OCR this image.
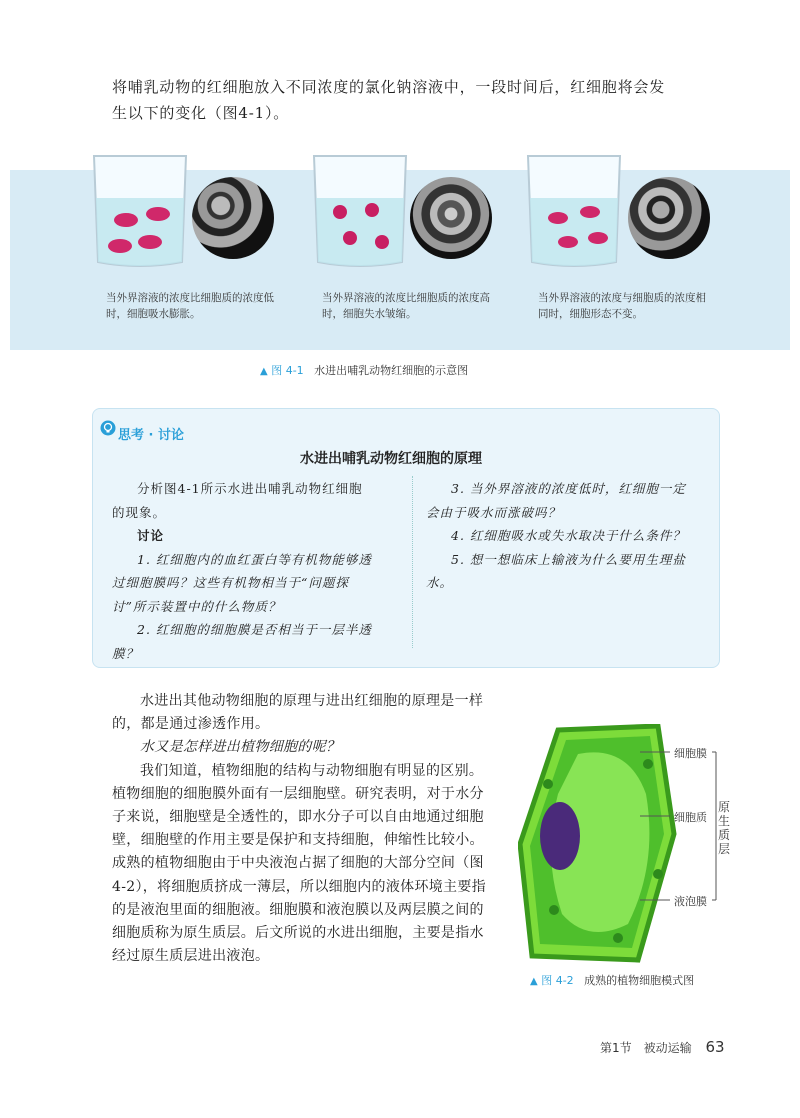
将哺乳动物的红细胞放入不同浓度的氯化钠溶液中，一段时间后，红细胞将会发生以下的变化（图4-1）。
当外界溶液的浓度比细胞质的浓度低时，细胞吸水膨胀。
当外界溶液的浓度比细胞质的浓度高时，细胞失水皱缩。
当外界溶液的浓度与细胞质的浓度相同时，细胞形态不变。
▲ 图 4-1 水进出哺乳动物红细胞的示意图
思考 · 讨论
水进出哺乳动物红细胞的原理

分析图4-1所示水进出哺乳动物红细胞的现象。

讨论

1. 红细胞内的血红蛋白等有机物能够透过细胞膜吗？这些有机物相当于“问题探讨”所示装置中的什么物质？

2. 红细胞的细胞膜是否相当于一层半透膜？

3. 当外界溶液的浓度低时，红细胞一定会由于吸水而涨破吗？

4. 红细胞吸水或失水取决于什么条件？

5. 想一想临床上输液为什么要用生理盐水。

水进出其他动物细胞的原理与进出红细胞的原理是一样的，都是通过渗透作用。

水又是怎样进出植物细胞的呢？

我们知道，植物细胞的结构与动物细胞有明显的区别。植物细胞的细胞膜外面有一层细胞壁。研究表明，对于水分子来说，细胞壁是全透性的，即水分子可以自由地通过细胞壁，细胞壁的作用主要是保护和支持细胞，伸缩性比较小。成熟的植物细胞由于中央液泡占据了细胞的大部分空间（图4-2），将细胞质挤成一薄层，所以细胞内的液体环境主要指的是液泡里面的细胞液。细胞膜和液泡膜以及两层膜之间的细胞质称为原生质层。后文所说的水进出细胞，主要是指水经过原生质层进出液泡。

细胞膜
细胞质
液泡膜
原生质层
▲ 图 4-2 成熟的植物细胞模式图
第1节　被动运输 63
